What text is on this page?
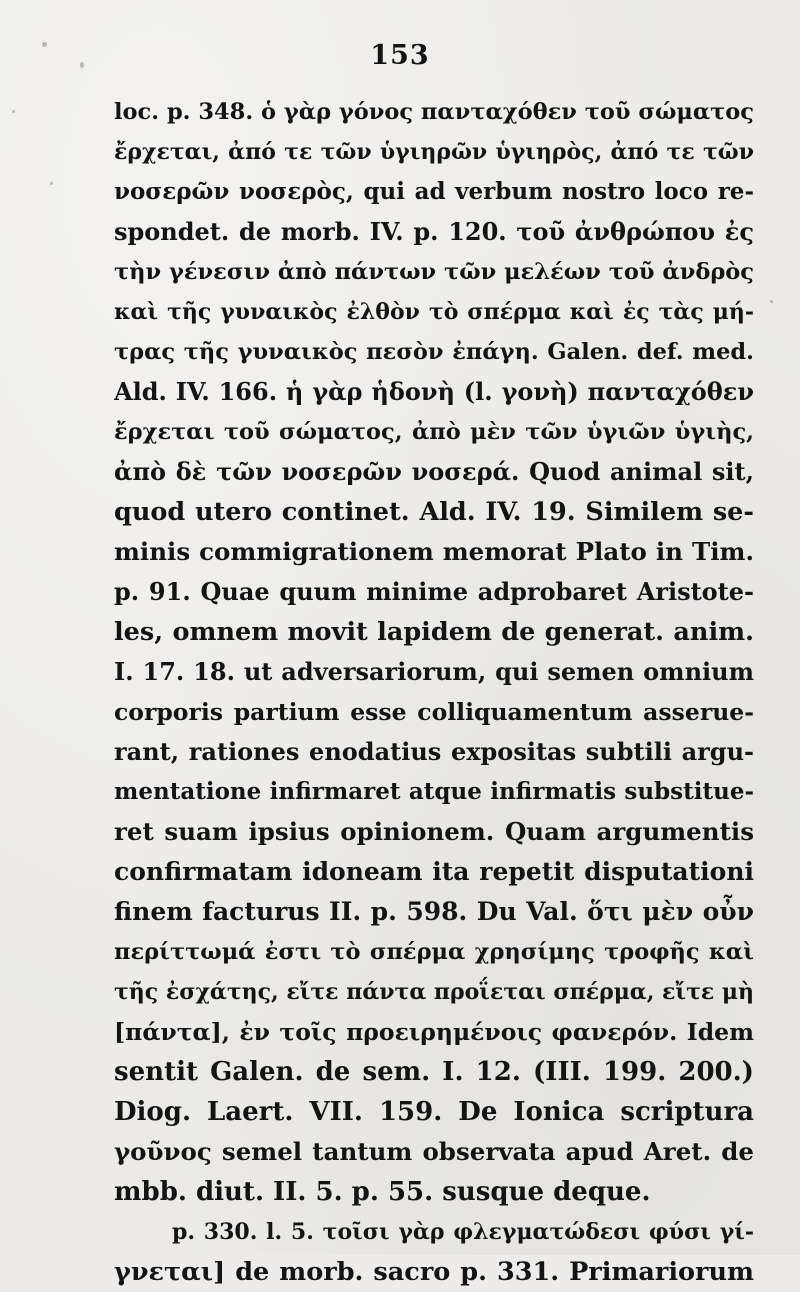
153
loc. p. 348. ὁ γὰρ γόνος πανταχόθεν τοῦ σώματος
ἔρχεται, ἀπό τε τῶν ὑγιηρῶν ὑγιηρὸς, ἀπό τε τῶν
νοσερῶν νοσερὸς, qui ad verbum nostro loco re-
spondet. de morb. IV. p. 120. τοῦ ἀνθρώπου ἐς
τὴν γένεσιν ἀπὸ πάντων τῶν μελέων τοῦ ἀνδρὸς
καὶ τῆς γυναικὸς ἐλθὸν τὸ σπέρμα καὶ ἐς τὰς μή-
τρας τῆς γυναικὸς πεσὸν ἐπάγη. Galen. def. med.
Ald. IV. 166. ἡ γὰρ ἡδονὴ (l. γονὴ) πανταχόθεν
ἔρχεται τοῦ σώματος, ἀπὸ μὲν τῶν ὑγιῶν ὑγιὴς,
ἀπὸ δὲ τῶν νοσερῶν νοσερά. Quod animal sit,
quod utero continet. Ald. IV. 19. Similem se-
minis commigrationem memorat Plato in Tim.
p. 91. Quae quum minime adprobaret Aristote-
les, omnem movit lapidem de generat. anim.
I. 17. 18. ut adversariorum, qui semen omnium
corporis partium esse colliquamentum asserue-
rant, rationes enodatius expositas subtili argu-
mentatione infirmaret atque infirmatis substitue-
ret suam ipsius opinionem. Quam argumentis
confirmatam idoneam ita repetit disputationi
finem facturus II. p. 598. Du Val. ὅτι μὲν οὖν
περίττωμά ἐστι τὸ σπέρμα χρησίμης τροφῆς καὶ
τῆς ἐσχάτης, εἴτε πάντα προΐεται σπέρμα, εἴτε μὴ
[πάντα], ἐν τοῖς προειρημένοις φανερόν. Idem
sentit Galen. de sem. I. 12. (III. 199. 200.)
Diog. Laert. VII. 159. De Ionica scriptura
γοῦνος semel tantum observata apud Aret. de
mbb. diut. II. 5. p. 55. susque deque.
p. 330. l. 5. τοῖσι γὰρ φλεγματώδεσι φύσι γί-
γνεται] de morb. sacro p. 331. Primariorum
